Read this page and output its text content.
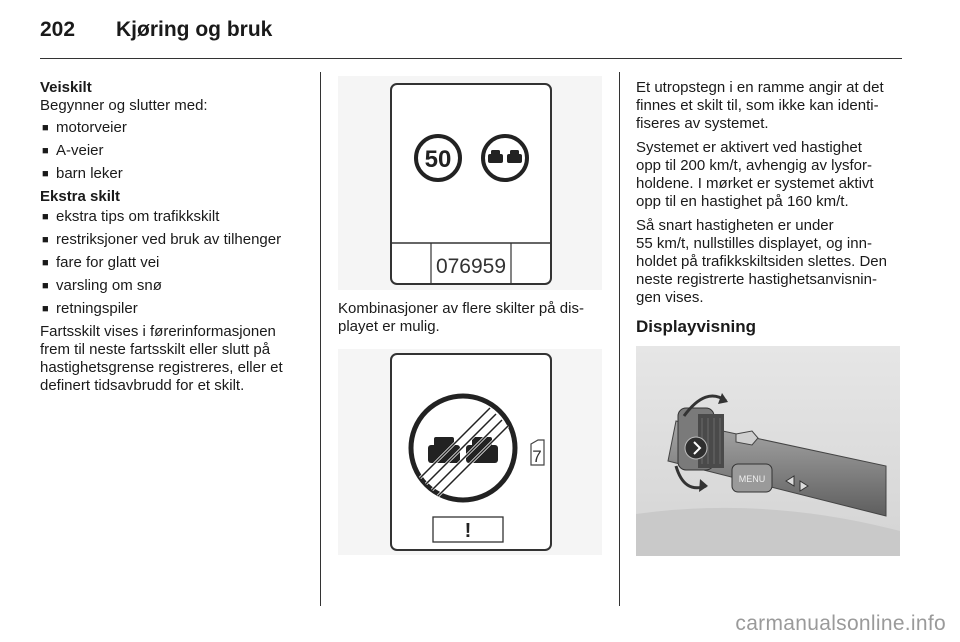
202 Kjøring og bruk
Veiskilt
Begynner og slutter med:
■ motorveier
■ A-veier
■ barn leker
Ekstra skilt
■ ekstra tips om trafikkskilt
■ restriksjoner ved bruk av tilhenger
■ fare for glatt vei
■ varsling om snø
■ retningspiler
Fartsskilt vises i førerinformasjonen
frem til neste fartsskilt eller slutt på
hastighetsgrense registreres, eller et
definert tidsavbrudd for et skilt.
50
076959
Kombinasjoner av flere skilter på dis-
playet er mulig.
7
!

Et utropstegn i en ramme angir at det
finnes et skilt til, som ikke kan identi-
fiseres av systemet.

Systemet er aktivert ved hastighet
opp til 200 km/t, avhengig av lysfor-
holdene. I mørket er systemet aktivt
opp til en hastighet på 160 km/t.

Så snart hastigheten er under
55 km/t, nullstilles displayet, og inn-
holdet på trafikkskiltsiden slettes. Den
neste registrerte hastighetsanvisnin-
gen vises.

Displayvisning
MENU
carmanualsonline.info
